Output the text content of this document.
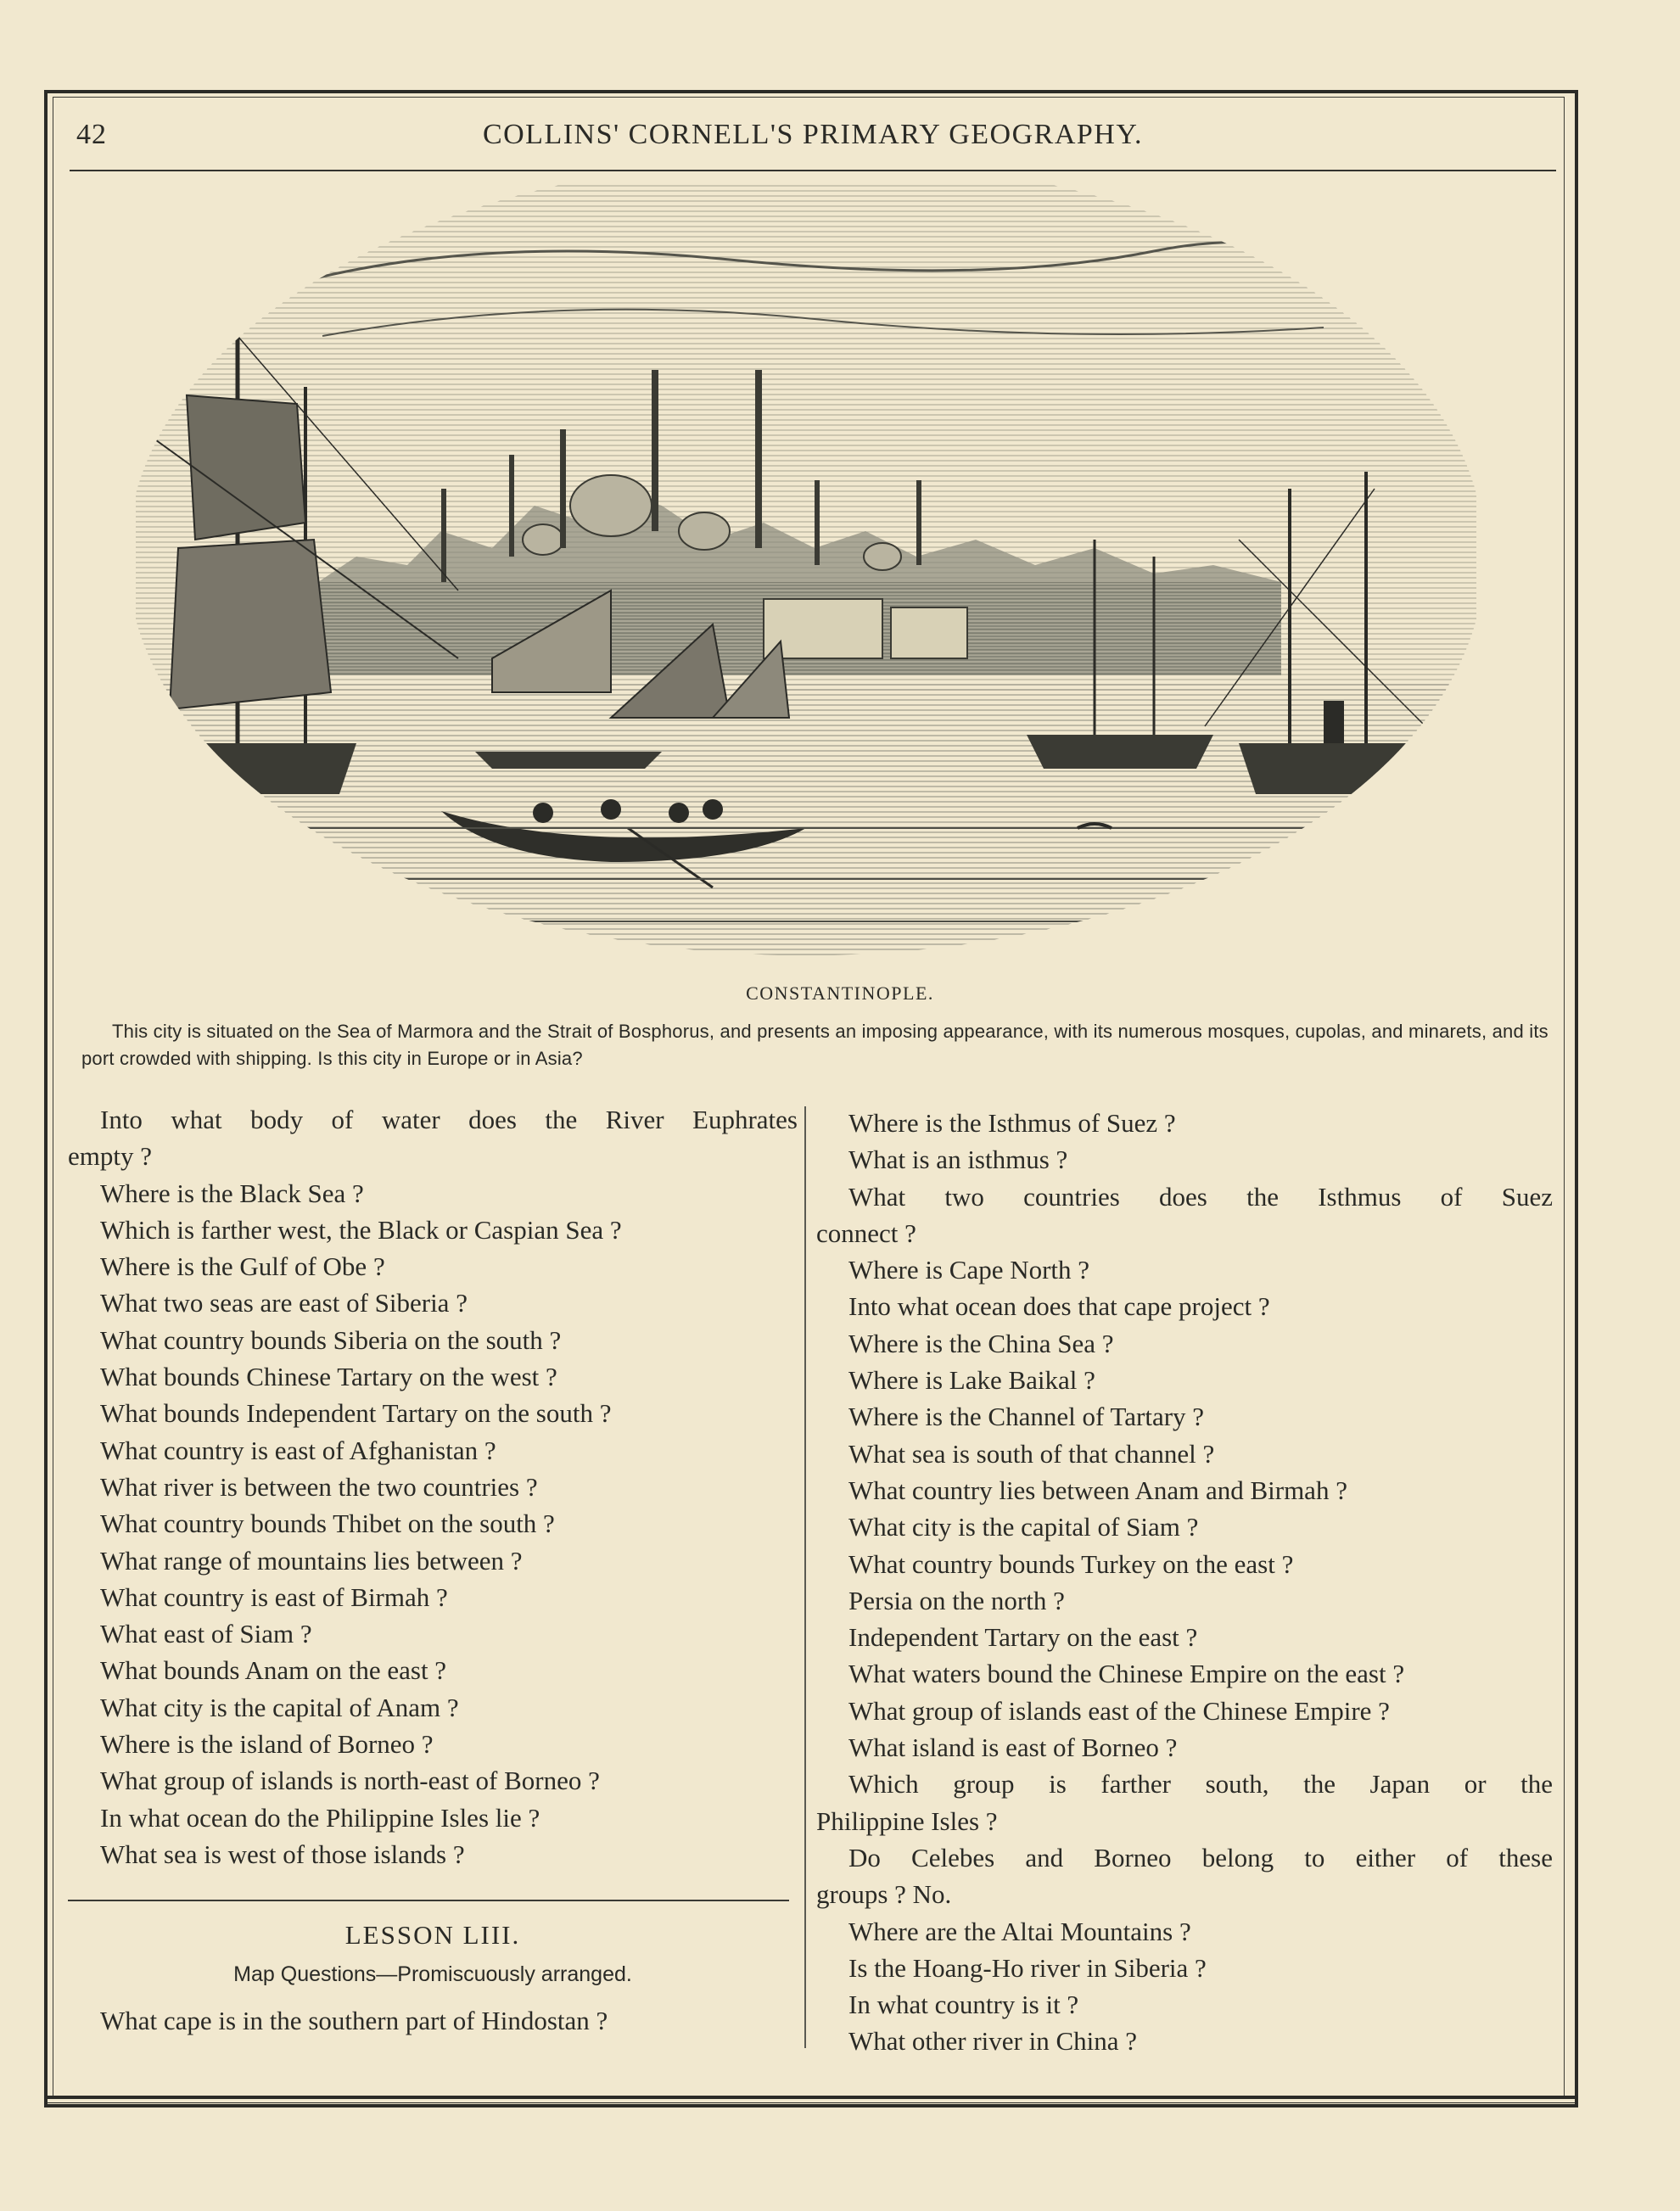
42	COLLINS' CORNELL'S PRIMARY GEOGRAPHY.
CONSTANTINOPLE.
This city is situated on the Sea of Marmora and the Strait of Bosphorus, and presents an imposing appearance, with its numerous mosques, cupolas, and minarets, and its port crowded with shipping. Is this city in Europe or in Asia?

Into what body of water does the River Euphrates

empty ?

Where is the Black Sea ?

Which is farther west, the Black or Caspian Sea ?

Where is the Gulf of Obe ?

What two seas are east of Siberia ?

What country bounds Siberia on the south ?

What bounds Chinese Tartary on the west ?

What bounds Independent Tartary on the south ?

What country is east of Afghanistan ?

What river is between the two countries ?

What country bounds Thibet on the south ?

What range of mountains lies between ?

What country is east of Birmah ?

What east of Siam ?

What bounds Anam on the east ?

What city is the capital of Anam ?

Where is the island of Borneo ?

What group of islands is north-east of Borneo ?

In what ocean do the Philippine Isles lie ?

What sea is west of those islands ?

LESSON LIII.
Map Questions—Promiscuously arranged.

What cape is in the southern part of Hindostan ?

Where is the Isthmus of Suez ?

What is an isthmus ?

What two countries does the Isthmus of Suez

connect ?

Where is Cape North ?

Into what ocean does that cape project ?

Where is the China Sea ?

Where is Lake Baikal ?

Where is the Channel of Tartary ?

What sea is south of that channel ?

What country lies between Anam and Birmah ?

What city is the capital of Siam ?

What country bounds Turkey on the east ?

Persia on the north ?

Independent Tartary on the east ?

What waters bound the Chinese Empire on the east ?

What group of islands east of the Chinese Empire ?

What island is east of Borneo ?

Which group is farther south, the Japan or the

Philippine Isles ?

Do Celebes and Borneo belong to either of these

groups ? No.

Where are the Altai Mountains ?

Is the Hoang-Ho river in Siberia ?

In what country is it ?

What other river in China ?
